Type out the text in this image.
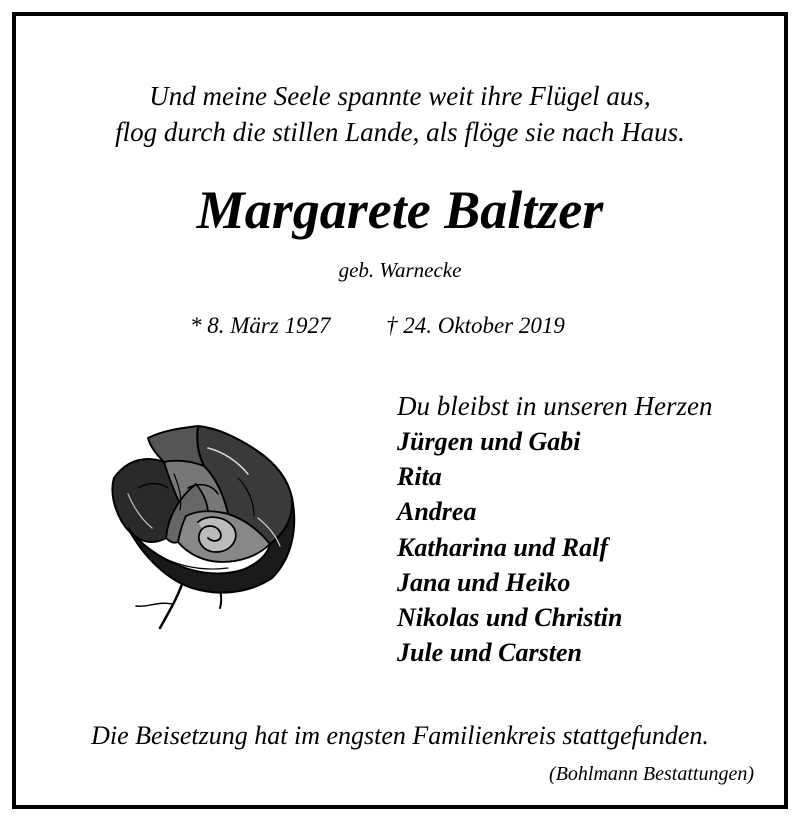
Und meine Seele spannte weit ihre Flügel aus,
flog durch die stillen Lande, als flöge sie nach Haus.
Margarete Baltzer
geb. Warnecke
* 8. März 1927 † 24. Oktober 2019
Du bleibst in unseren Herzen
Jürgen und Gabi
Rita
Andrea
Katharina und Ralf
Jana und Heiko
Nikolas und Christin
Jule und Carsten
Die Beisetzung hat im engsten Familienkreis stattgefunden.
(Bohlmann Bestattungen)
